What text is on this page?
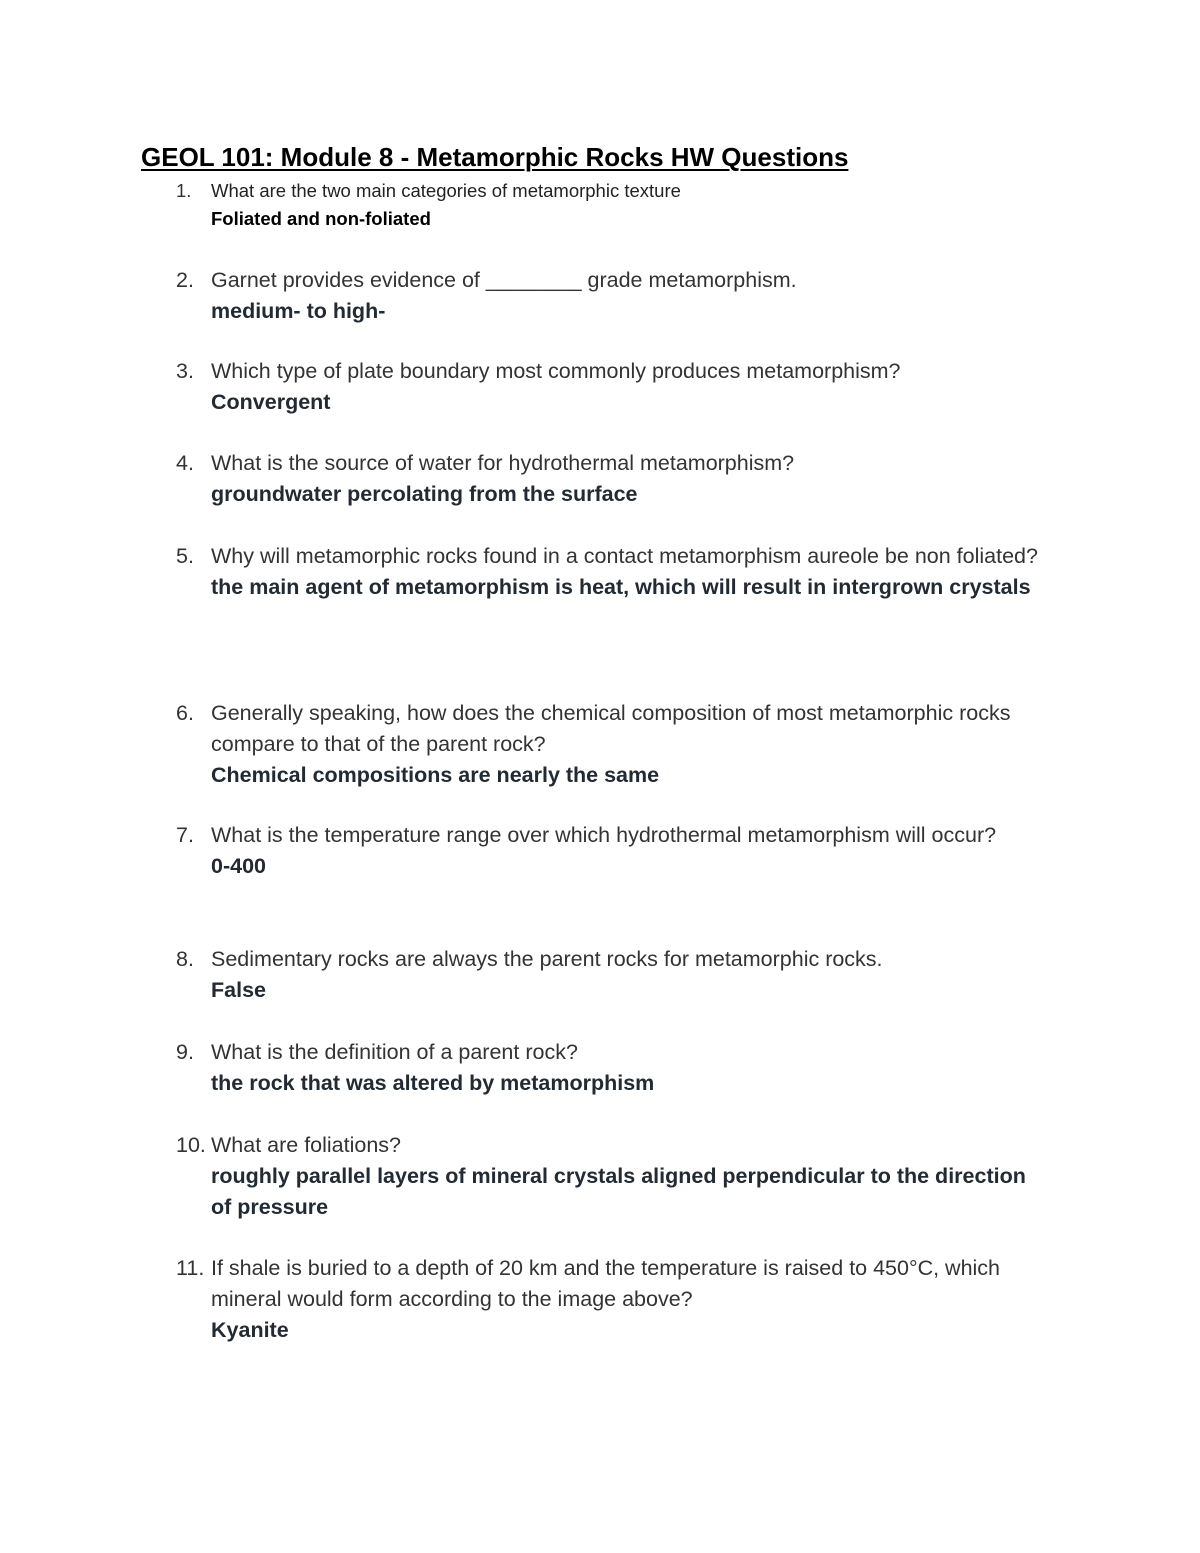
GEOL 101: Module 8 - Metamorphic Rocks HW Questions
1. What are the two main categories of metamorphic texture

Foliated and non-foliated

2. Garnet provides evidence of ________ grade metamorphism.

medium- to high-

3. Which type of plate boundary most commonly produces metamorphism?

Convergent

4. What is the source of water for hydrothermal metamorphism?

groundwater percolating from the surface

5. Why will metamorphic rocks found in a contact metamorphism aureole be non foliated?

the main agent of metamorphism is heat, which will result in intergrown crystals

6. Generally speaking, how does the chemical composition of most metamorphic rocks compare to that of the parent rock?

Chemical compositions are nearly the same

7. What is the temperature range over which hydrothermal metamorphism will occur?

0-400

8. Sedimentary rocks are always the parent rocks for metamorphic rocks.

False

9. What is the definition of a parent rock?

the rock that was altered by metamorphism

10. What are foliations?

roughly parallel layers of mineral crystals aligned perpendicular to the direction of pressure

11. If shale is buried to a depth of 20 km and the temperature is raised to 450°C, which mineral would form according to the image above?

Kyanite
